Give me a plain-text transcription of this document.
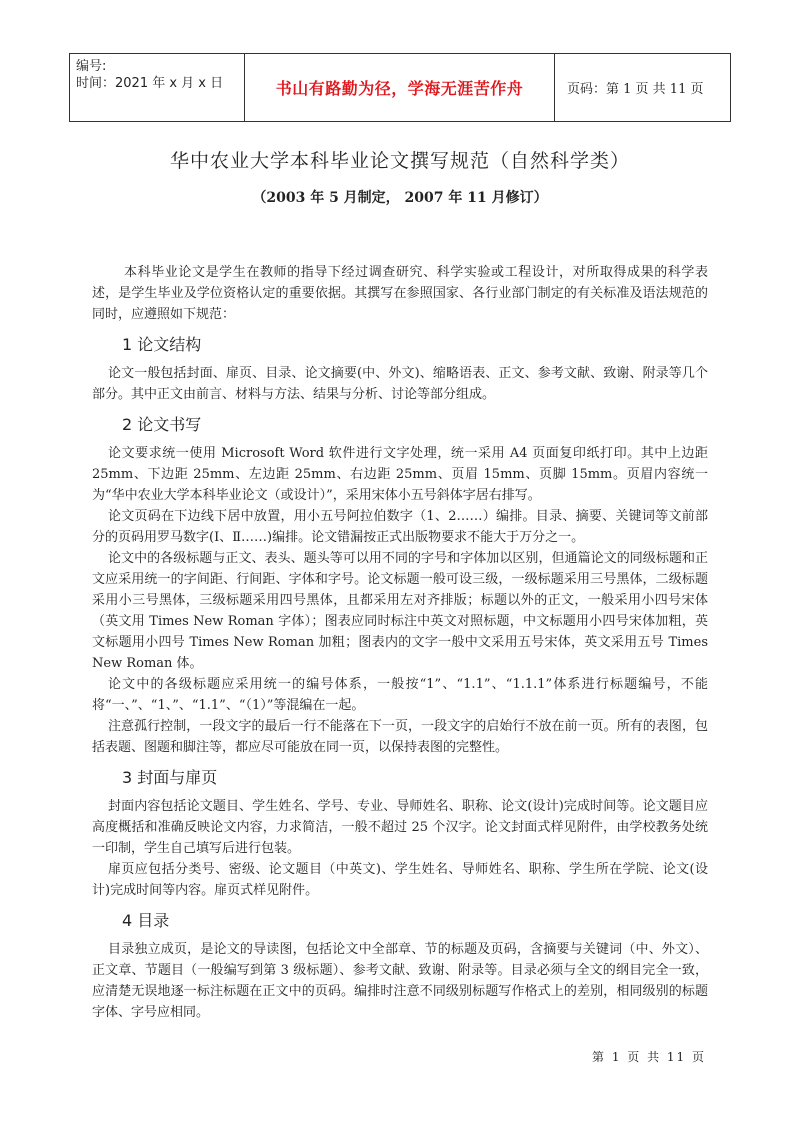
编号:
时间：2021 年 x 月 x 日	书山有路勤为径，学海无涯苦作舟	页码：第 1 页 共 11 页
华中农业大学本科毕业论文撰写规范（自然科学类）
（2003 年 5 月制定， 2007 年 11 月修订）

本科毕业论文是学生在教师的指导下经过调查研究、科学实验或工程设计，对所取得成果的科学表述，是学生毕业及学位资格认定的重要依据。其撰写在参照国家、各行业部门制定的有关标准及语法规范的同时，应遵照如下规范：

1 论文结构

论文一般包括封面、扉页、目录、论文摘要(中、外文)、缩略语表、正文、参考文献、致谢、附录等几个部分。其中正文由前言、材料与方法、结果与分析、讨论等部分组成。

2 论文书写

论文要求统一使用 Microsoft Word 软件进行文字处理，统一采用 A4 页面复印纸打印。其中上边距 25mm、下边距 25mm、左边距 25mm、右边距 25mm、页眉 15mm、页脚 15mm。页眉内容统一为“华中农业大学本科毕业论文（或设计）”，采用宋体小五号斜体字居右排写。

论文页码在下边线下居中放置，用小五号阿拉伯数字（1、2……）编排。目录、摘要、关键词等文前部分的页码用罗马数字(Ⅰ、Ⅱ……)编排。论文错漏按正式出版物要求不能大于万分之一。

论文中的各级标题与正文、表头、题头等可以用不同的字号和字体加以区别，但通篇论文的同级标题和正文应采用统一的字间距、行间距、字体和字号。论文标题一般可设三级，一级标题采用三号黑体，二级标题采用小三号黑体，三级标题采用四号黑体，且都采用左对齐排版；标题以外的正文，一般采用小四号宋体（英文用 Times New Roman 字体）；图表应同时标注中英文对照标题，中文标题用小四号宋体加粗，英文标题用小四号 Times New Roman 加粗；图表内的文字一般中文采用五号宋体，英文采用五号 Times New Roman 体。

论文中的各级标题应采用统一的编号体系，一般按“1”、“1.1”、“1.1.1”体系进行标题编号，不能将“一、”、“1、”、“1.1”、“（1）”等混编在一起。

注意孤行控制，一段文字的最后一行不能落在下一页，一段文字的启始行不放在前一页。所有的表图，包括表题、图题和脚注等，都应尽可能放在同一页，以保持表图的完整性。

3 封面与扉页

封面内容包括论文题目、学生姓名、学号、专业、导师姓名、职称、论文(设计)完成时间等。论文题目应高度概括和准确反映论文内容，力求简洁，一般不超过 25 个汉字。论文封面式样见附件，由学校教务处统一印制，学生自己填写后进行包装。

扉页应包括分类号、密级、论文题目（中英文)、学生姓名、导师姓名、职称、学生所在学院、论文(设计)完成时间等内容。扉页式样见附件。

4 目录

目录独立成页，是论文的导读图，包括论文中全部章、节的标题及页码，含摘要与关键词（中、外文）、正文章、节题目（一般编写到第 3 级标题）、参考文献、致谢、附录等。目录必须与全文的纲目完全一致，应清楚无误地逐一标注标题在正文中的页码。编排时注意不同级别标题写作格式上的差别，相同级别的标题字体、字号应相同。

第 1 页 共 11 页
